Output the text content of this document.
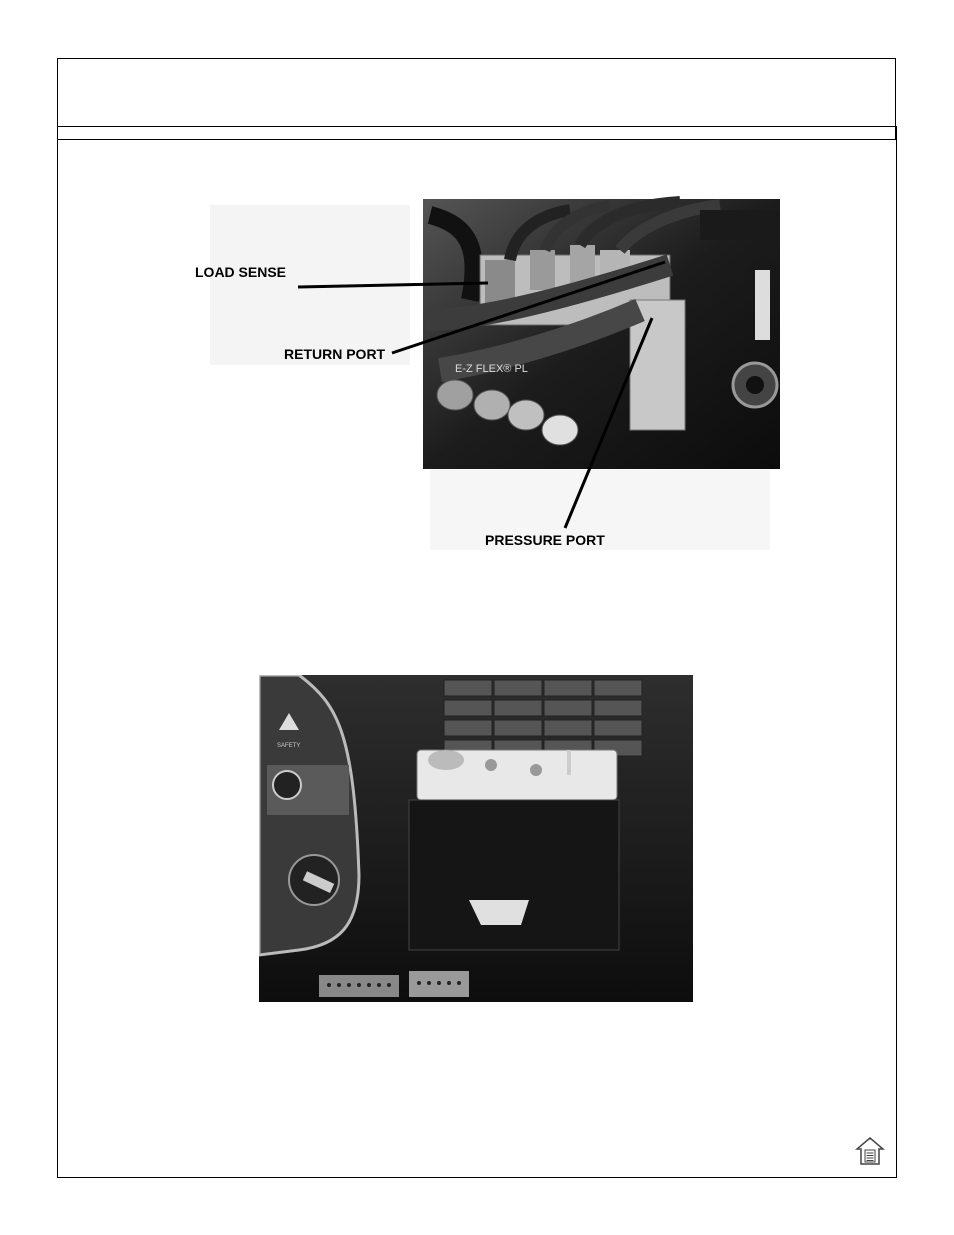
E-Z FLEX® PL
LOAD SENSE
RETURN PORT
PRESSURE PORT
SAFETY
